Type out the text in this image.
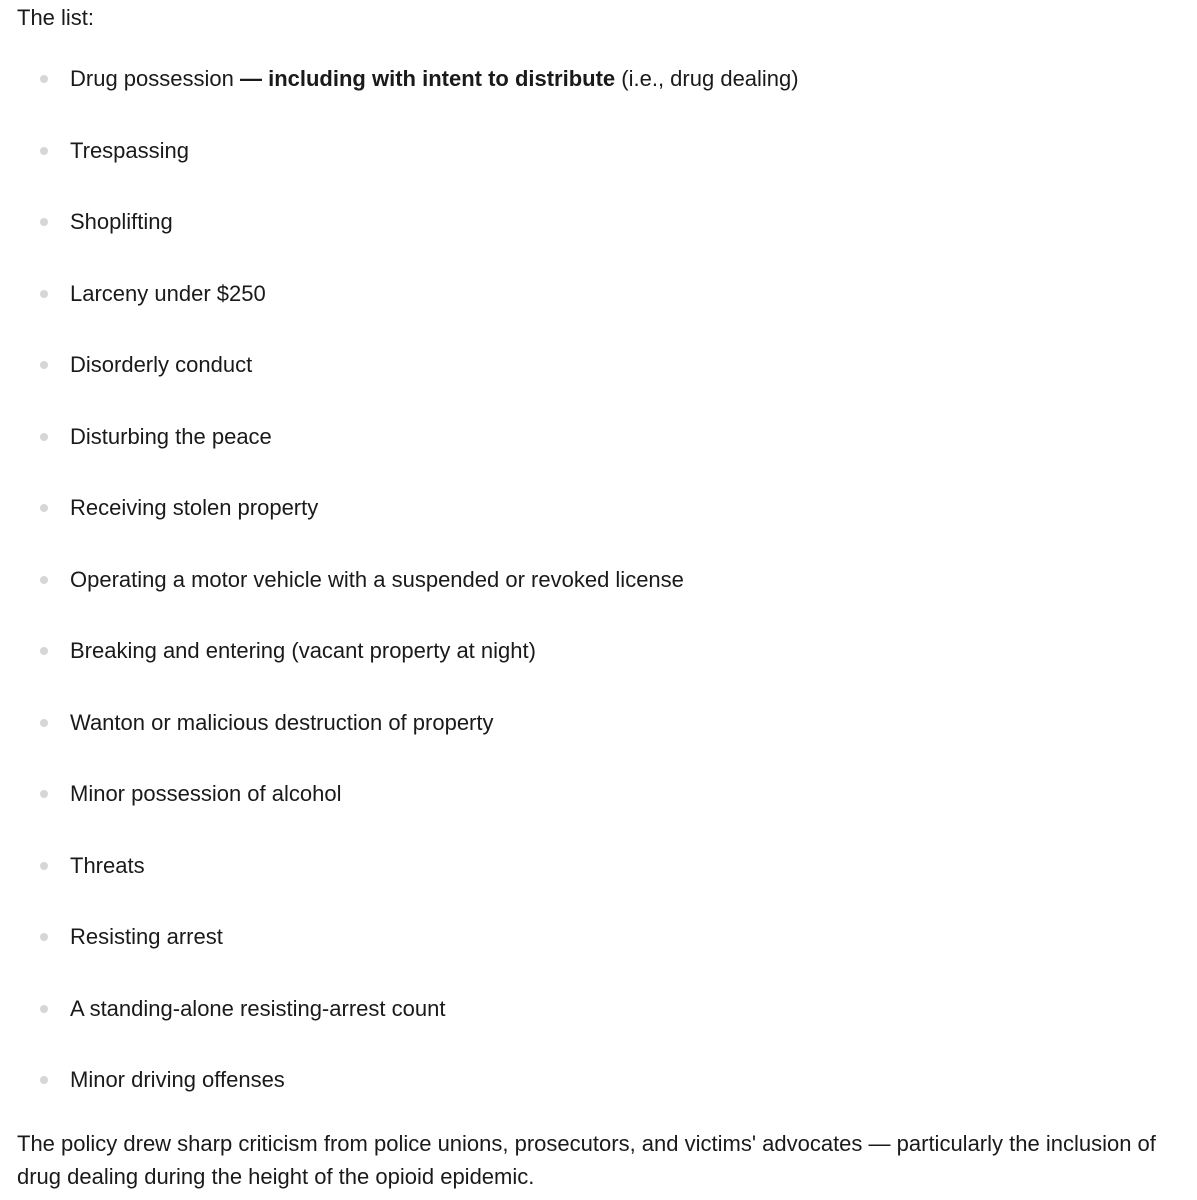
The list:

Drug possession — including with intent to distribute (i.e., drug dealing)
Trespassing
Shoplifting
Larceny under $250
Disorderly conduct
Disturbing the peace
Receiving stolen property
Operating a motor vehicle with a suspended or revoked license
Breaking and entering (vacant property at night)
Wanton or malicious destruction of property
Minor possession of alcohol
Threats
Resisting arrest
A standing-alone resisting-arrest count
Minor driving offenses

The policy drew sharp criticism from police unions, prosecutors, and victims' advocates — particularly the inclusion of drug dealing during the height of the opioid epidemic.
